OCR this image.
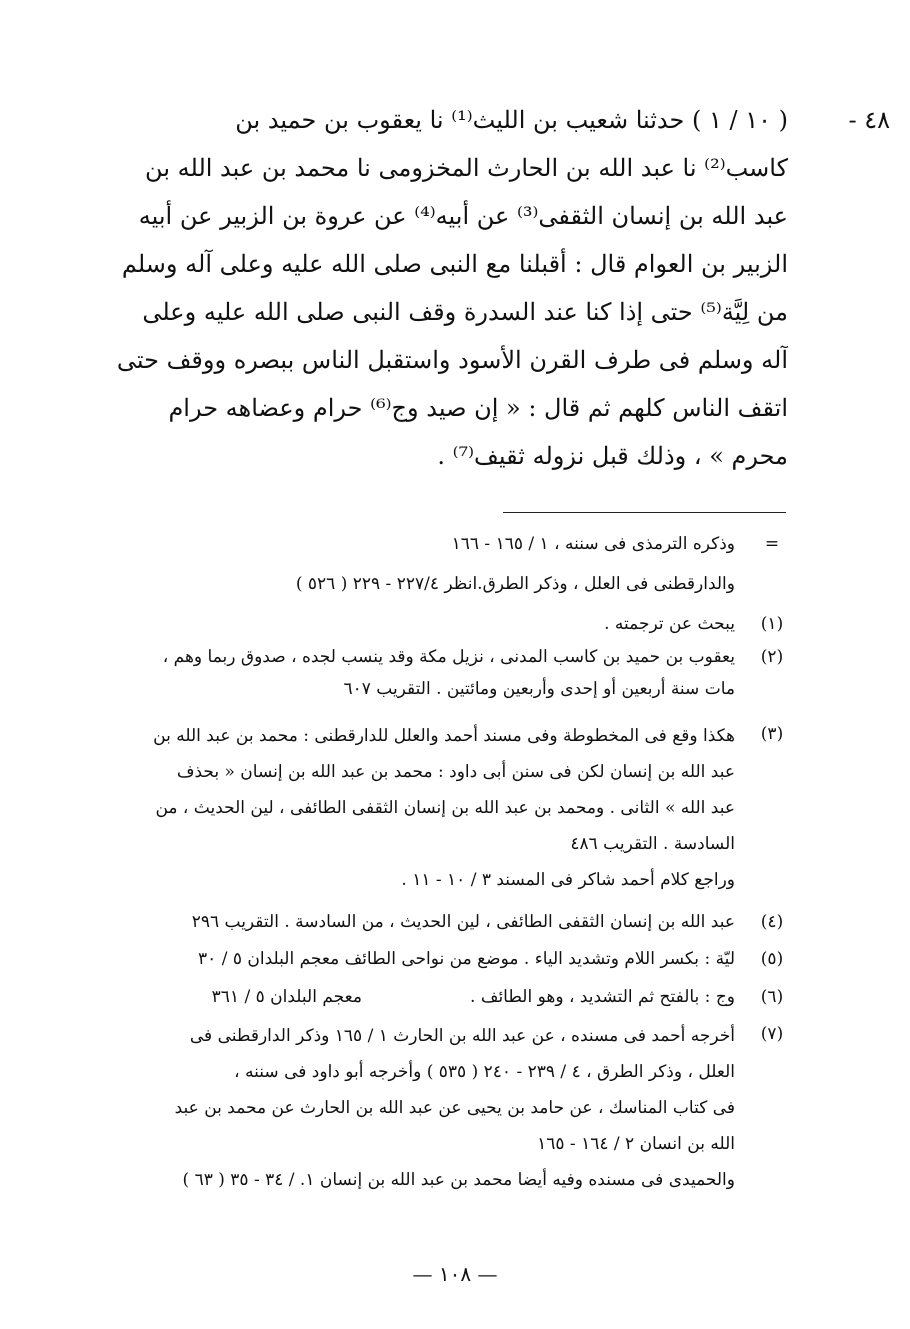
٤٨ -
( ١٠ / ١ ) حدثنا شعيب بن الليث⁽¹⁾ نا يعقوب بن حميد بن
كاسب⁽²⁾ نا عبد الله بن الحارث المخزومى نا محمد بن عبد الله بن
عبد الله بن إنسان الثقفى⁽³⁾ عن أبيه⁽⁴⁾ عن عروة بن الزبير عن أبيه
الزبير بن العوام قال : أقبلنا مع النبى صلى الله عليه وعلى آله وسلم
من لِيَّة⁽⁵⁾ حتى إذا كنا عند السدرة وقف النبى صلى الله عليه وعلى
آله وسلم فى طرف القرن الأسود واستقبل الناس ببصره ووقف حتى
اتقف الناس كلهم ثم قال : « إن صيد وج⁽⁶⁾ حرام وعضاهه حرام
محرم » ، وذلك قبل نزوله ثقيف⁽⁷⁾ .
=
(١)
(٢)
(٣)
(٤)
(٥)
(٦)
(٧)
وذكره الترمذى فى سننه ، ١ / ١٦٥ - ١٦٦
والدارقطنى فى العلل ، وذكر الطرق.انظر ٢٢٧/٤ - ٢٢٩ ( ٥٢٦ )
يبحث عن ترجمته .
يعقوب بن حميد بن كاسب المدنى ، نزيل مكة وقد ينسب لجده ، صدوق ربما وهم ،
مات سنة أربعين أو إحدى وأربعين ومائتين . التقريب ٦٠٧
هكذا وقع فى المخطوطة وفى مسند أحمد والعلل للدارقطنى : محمد بن عبد الله بن
عبد الله بن إنسان لكن فى سنن أبى داود : محمد بن عبد الله بن إنسان « بحذف
عبد الله » الثانى . ومحمد بن عبد الله بن إنسان الثقفى الطائفى ، لين الحديث ، من
السادسة . التقريب ٤٨٦
وراجع كلام أحمد شاكر فى المسند ٣ / ١٠ - ١١ .
عبد الله بن إنسان الثقفى الطائفى ، لين الحديث ، من السادسة . التقريب ٢٩٦
ليّة : بكسر اللام وتشديد الياء . موضع من نواحى الطائف معجم البلدان ٥ / ٣٠
وج : بالفتح ثم التشديد ، وهو الطائف .                    معجم البلدان ٥ / ٣٦١
أخرجه أحمد فى مسنده ، عن عبد الله بن الحارث ١ / ١٦٥ وذكر الدارقطنى فى
العلل ، وذكر الطرق ، ٤ / ٢٣٩ - ٢٤٠ ( ٥٣٥ ) وأخرجه أبو داود فى سننه ،
فى كتاب المناسك ، عن حامد بن يحيى عن عبد الله بن الحارث عن محمد بن عبد
الله بن انسان ٢ / ١٦٤ - ١٦٥
والحميدى فى مسنده وفيه أيضا محمد بن عبد الله بن إنسان ١. / ٣٤ - ٣٥ ( ٦٣ )
— ١٠٨ —
